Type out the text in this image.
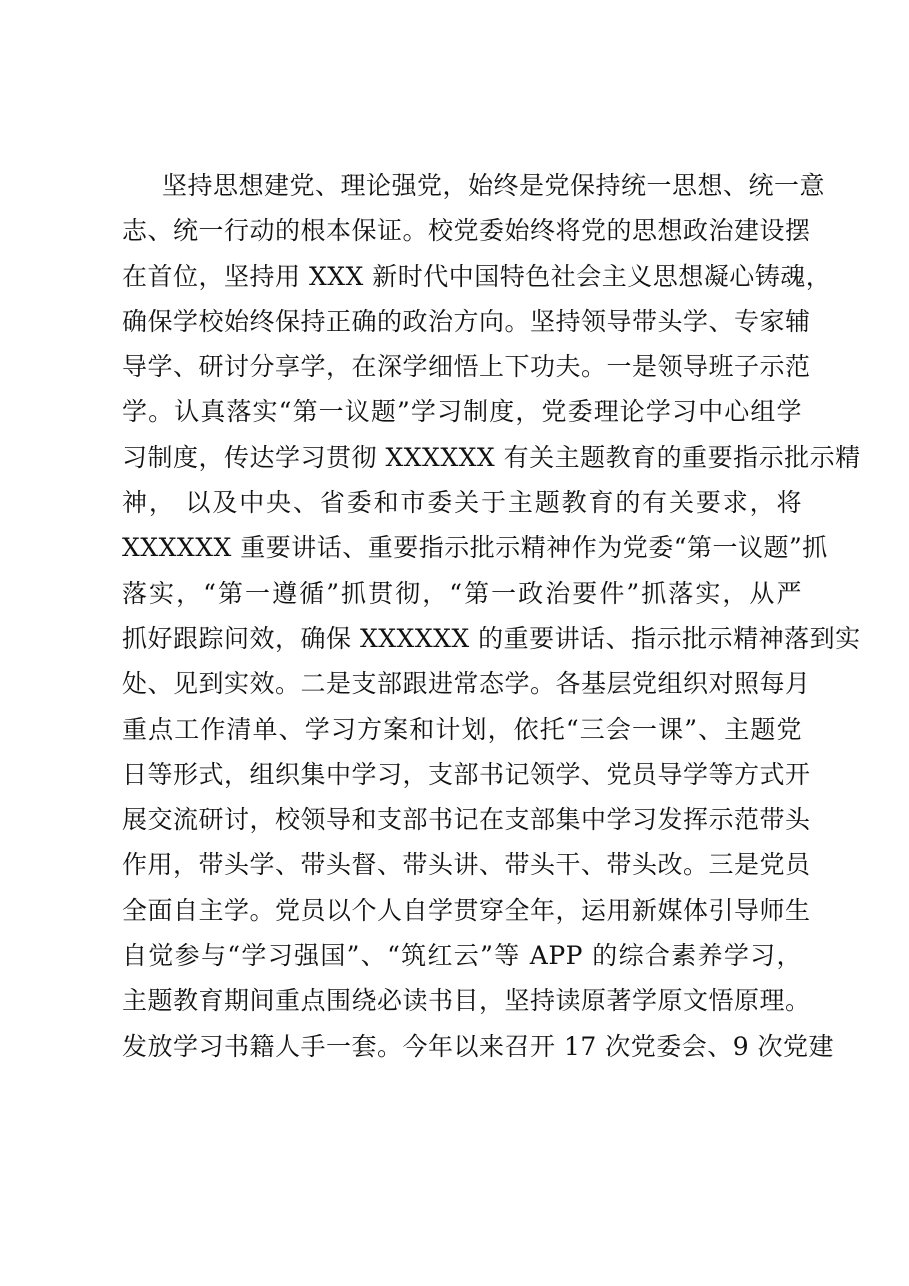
坚持思想建党、理论强党，始终是党保持统一思想、统一意
志、统一行动的根本保证。校党委始终将党的思想政治建设摆
在首位，坚持用 XXX 新时代中国特色社会主义思想凝心铸魂，
确保学校始终保持正确的政治方向。坚持领导带头学、专家辅
导学、研讨分享学，在深学细悟上下功夫。一是领导班子示范
学。认真落实“第一议题”学习制度，党委理论学习中心组学
习制度，传达学习贯彻 XXXXXX 有关主题教育的重要指示批示精
神， 以及中央、省委和市委关于主题教育的有关要求，将
XXXXXX 重要讲话、重要指示批示精神作为党委“第一议题”抓
落实，“第一遵循”抓贯彻，“第一政治要件”抓落实，从严
抓好跟踪问效，确保 XXXXXX 的重要讲话、指示批示精神落到实
处、见到实效。二是支部跟进常态学。各基层党组织对照每月
重点工作清单、学习方案和计划，依托“三会一课”、主题党
日等形式，组织集中学习，支部书记领学、党员导学等方式开
展交流研讨，校领导和支部书记在支部集中学习发挥示范带头
作用，带头学、带头督、带头讲、带头干、带头改。三是党员
全面自主学。党员以个人自学贯穿全年，运用新媒体引导师生
自觉参与“学习强国”、“筑红云”等 APP 的综合素养学习，
主题教育期间重点围绕必读书目，坚持读原著学原文悟原理。
发放学习书籍人手一套。今年以来召开 17 次党委会、9 次党建
